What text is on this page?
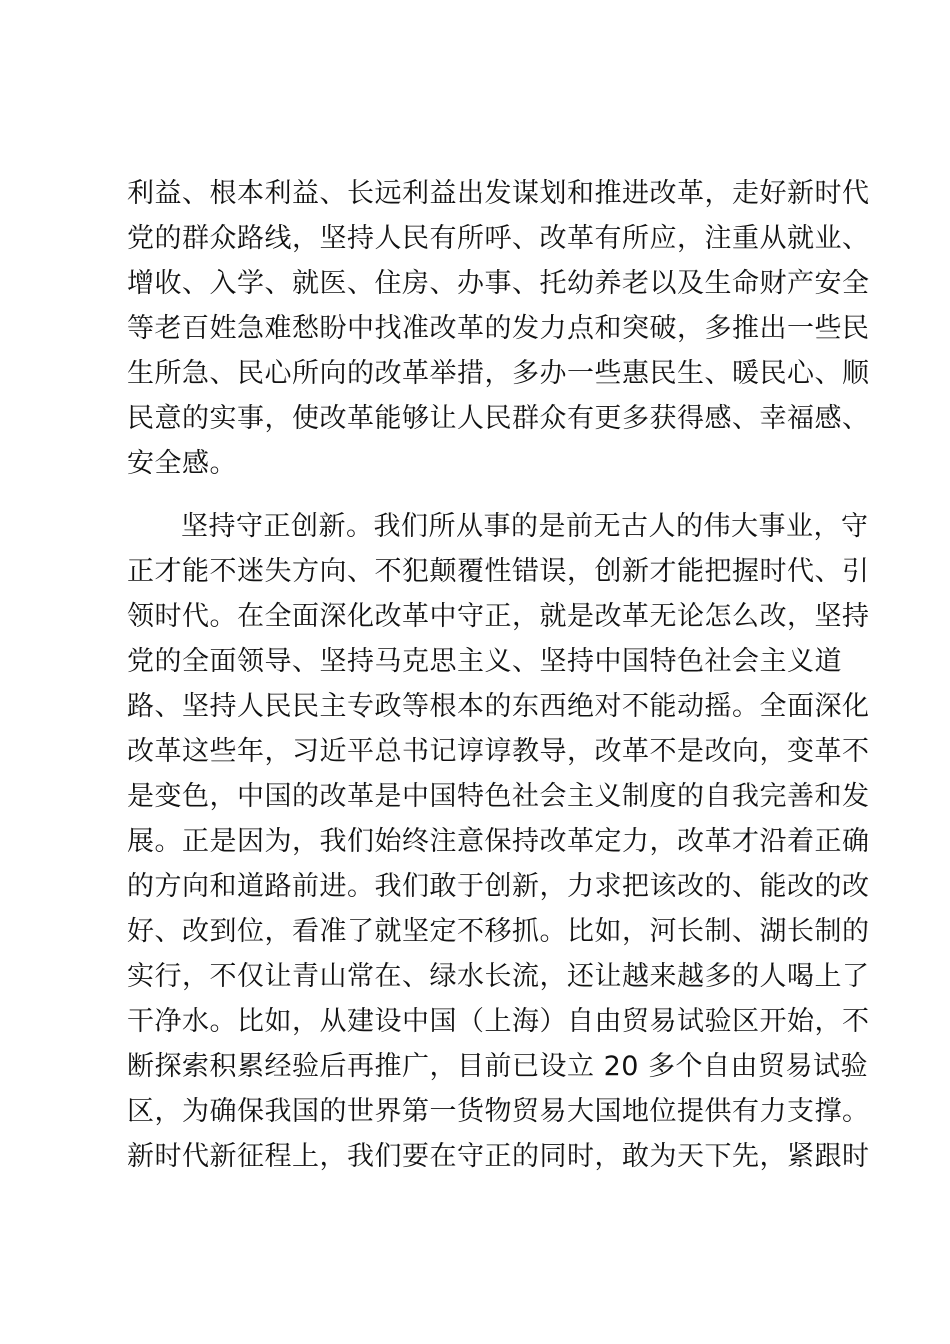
利益、根本利益、长远利益出发谋划和推进改革，走好新时代
党的群众路线，坚持人民有所呼、改革有所应，注重从就业、
增收、入学、就医、住房、办事、托幼养老以及生命财产安全
等老百姓急难愁盼中找准改革的发力点和突破，多推出一些民
生所急、民心所向的改革举措，多办一些惠民生、暖民心、顺
民意的实事，使改革能够让人民群众有更多获得感、幸福感、
安全感。
坚持守正创新。我们所从事的是前无古人的伟大事业，守
正才能不迷失方向、不犯颠覆性错误，创新才能把握时代、引
领时代。在全面深化改革中守正，就是改革无论怎么改，坚持
党的全面领导、坚持马克思主义、坚持中国特色社会主义道
路、坚持人民民主专政等根本的东西绝对不能动摇。全面深化
改革这些年，习近平总书记谆谆教导，改革不是改向，变革不
是变色，中国的改革是中国特色社会主义制度的自我完善和发
展。正是因为，我们始终注意保持改革定力，改革才沿着正确
的方向和道路前进。我们敢于创新，力求把该改的、能改的改
好、改到位，看准了就坚定不移抓。比如，河长制、湖长制的
实行，不仅让青山常在、绿水长流，还让越来越多的人喝上了
干净水。比如，从建设中国（上海）自由贸易试验区开始，不
断探索积累经验后再推广，目前已设立 20 多个自由贸易试验
区，为确保我国的世界第一货物贸易大国地位提供有力支撑。
新时代新征程上，我们要在守正的同时，敢为天下先，紧跟时
